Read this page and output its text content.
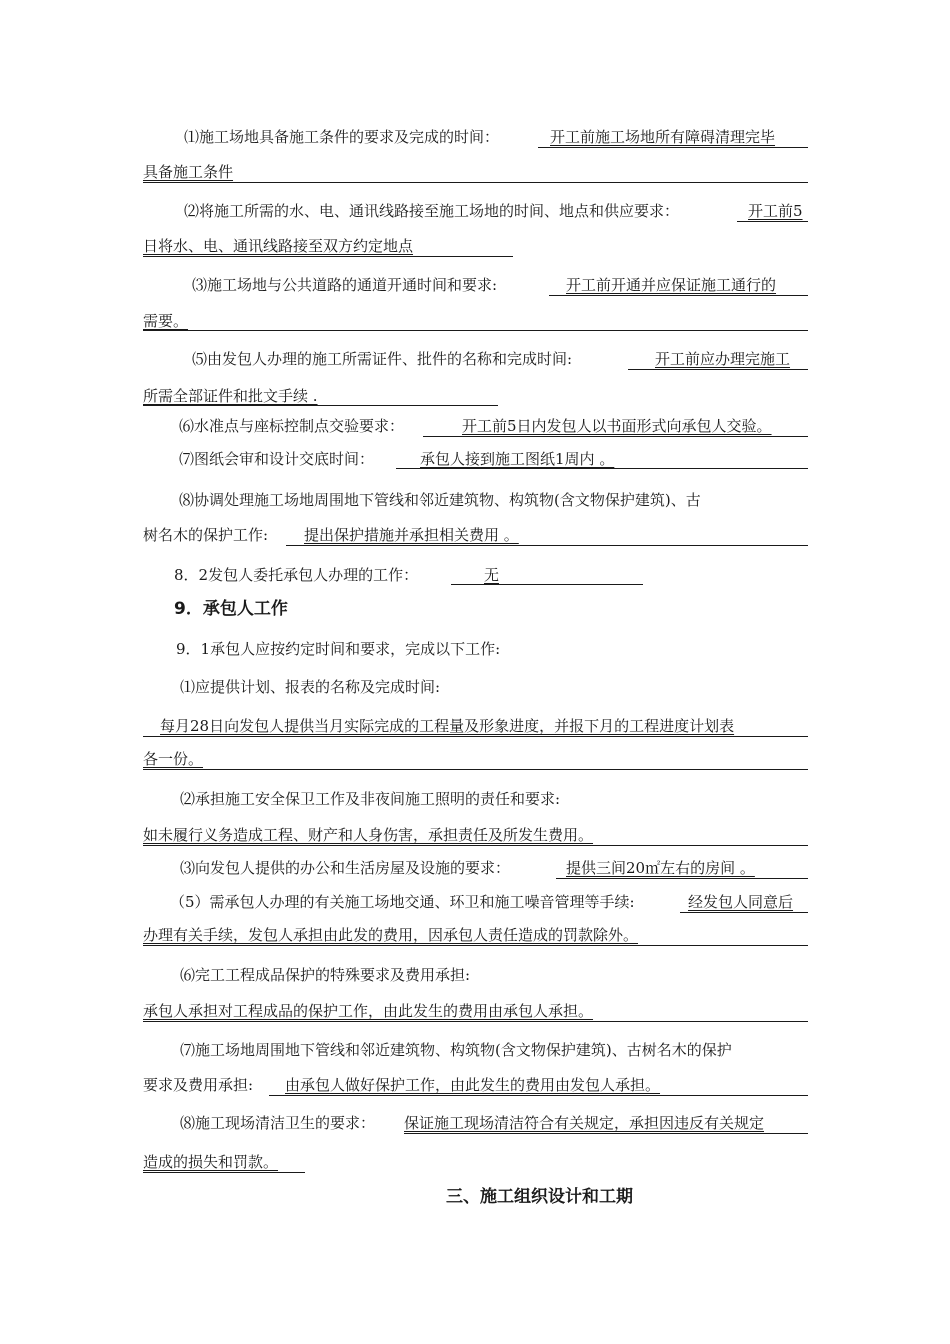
⑴施工场地具备施工条件的要求及完成的时间：	开工前施工场地所有障碍清理完毕
具备施工条件
⑵将施工所需的水、电、通讯线路接至施工场地的时间、地点和供应要求：	开工前5
日将水、电、通讯线路接至双方约定地点
⑶施工场地与公共道路的通道开通时间和要求:	开工前开通并应保证施工通行的
需要。
⑸由发包人办理的施工所需证件、批件的名称和完成时间:	开工前应办理完施工
所需全部证件和批文手续 .
⑹水准点与座标控制点交验要求：	开工前5日内发包人以书面形式向承包人交验。
⑺图纸会审和设计交底时间：	承包人接到施工图纸1周内 。
⑻协调处理施工场地周围地下管线和邻近建筑物、构筑物(含文物保护建筑)、古
树名木的保护工作: 提出保护措施并承担相关费用 。
8．2发包人委托承包人办理的工作：	无
9．承包人工作
9．1承包人应按约定时间和要求，完成以下工作:
⑴应提供计划、报表的名称及完成时间:
每月28日向发包人提供当月实际完成的工程量及形象进度，并报下月的工程进度计划表
各一份。
⑵承担施工安全保卫工作及非夜间施工照明的责任和要求:
如未履行义务造成工程、财产和人身伤害，承担责任及所发生费用。
⑶向发包人提供的办公和生活房屋及设施的要求：	提供三间20㎡左右的房间 。
（5）需承包人办理的有关施工场地交通、环卫和施工噪音管理等手续:	经发包人同意后
办理有关手续，发包人承担由此发的费用，因承包人责任造成的罚款除外。
⑹完工工程成品保护的特殊要求及费用承担:
承包人承担对工程成品的保护工作，由此发生的费用由承包人承担。
⑺施工场地周围地下管线和邻近建筑物、构筑物(含文物保护建筑)、古树名木的保护
要求及费用承担: 由承包人做好保护工作，由此发生的费用由发包人承担。
⑻施工现场清洁卫生的要求： 保证施工现场清洁符合有关规定，承担因违反有关规定
造成的损失和罚款。
三、施工组织设计和工期
